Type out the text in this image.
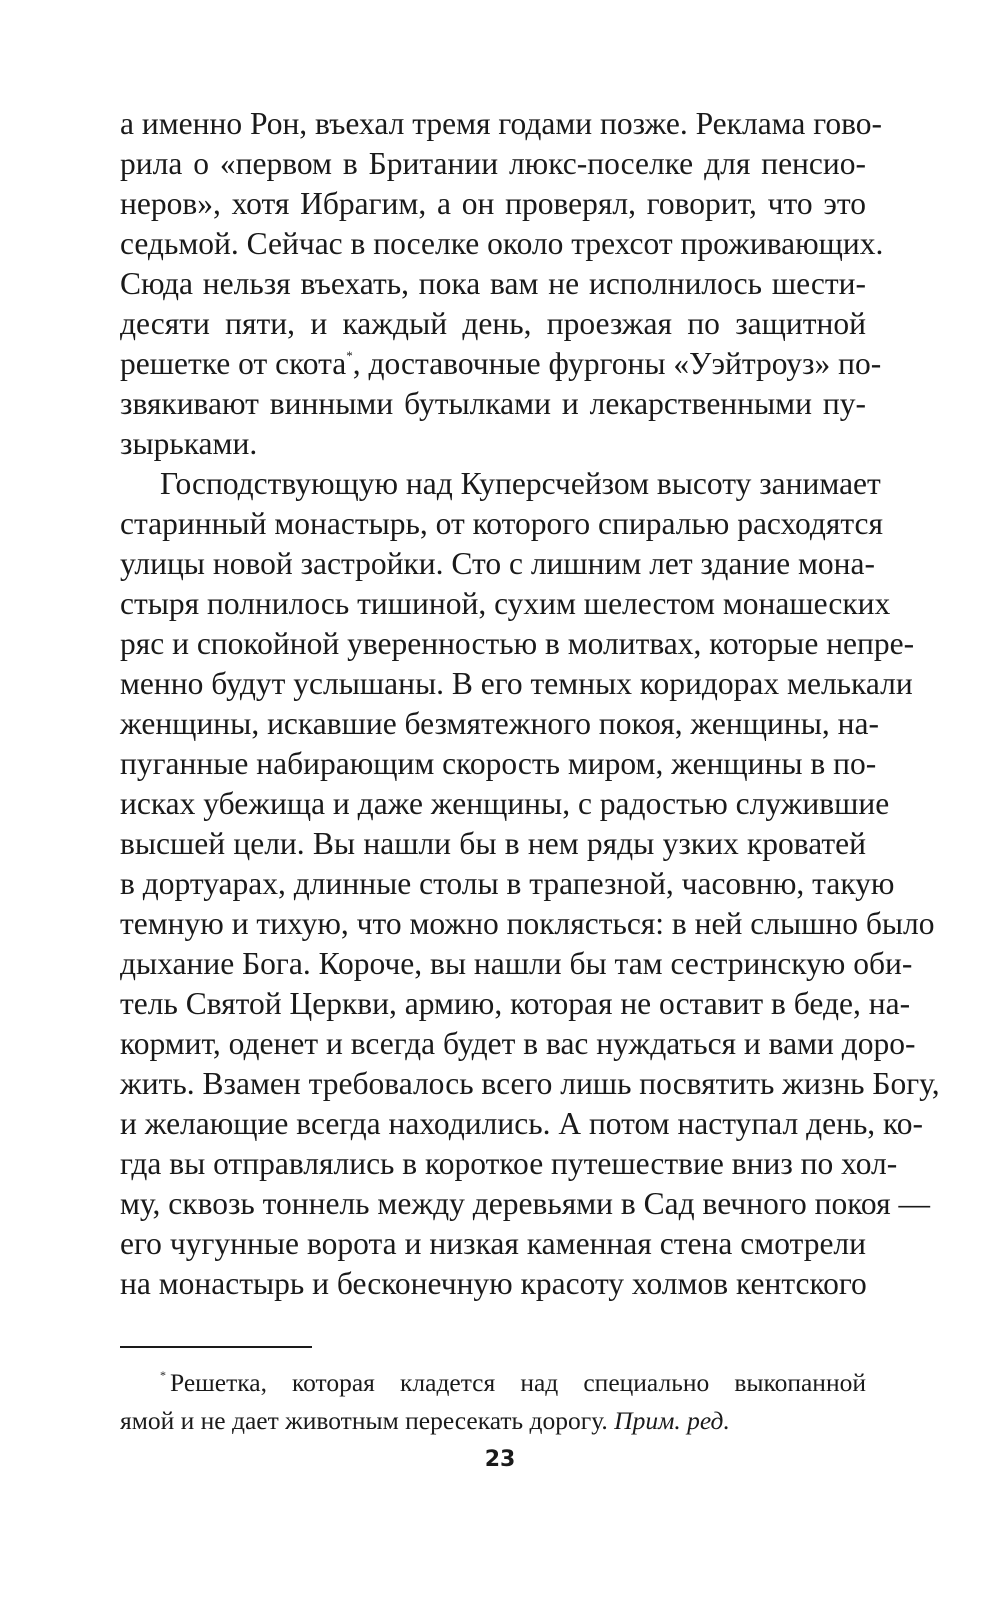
а именно Рон, въехал тремя годами позже. Реклама гово-
рила о «первом в Британии люкс-поселке для пенсио-
неров», хотя Ибрагим, а он проверял, говорит, что это
седьмой. Сейчас в поселке около трехсот проживающих.
Сюда нельзя въехать, пока вам не исполнилось шести-
десяти пяти, и каждый день, проезжая по защитной
решетке от скота*, доставочные фургоны «Уэйтроуз» по-
звякивают винными бутылками и лекарственными пу-
зырьками.
Господствующую над Куперсчейзом высоту занимает
старинный монастырь, от которого спиралью расходятся
улицы новой застройки. Сто с лишним лет здание мона-
стыря полнилось тишиной, сухим шелестом монашеских
ряс и спокойной уверенностью в молитвах, которые непре-
менно будут услышаны. В его темных коридорах мелькали
женщины, искавшие безмятежного покоя, женщины, на-
пуганные набирающим скорость миром, женщины в по-
исках убежища и даже женщины, с радостью служившие
высшей цели. Вы нашли бы в нем ряды узких кроватей
в дортуарах, длинные столы в трапезной, часовню, такую
темную и тихую, что можно поклясться: в ней слышно было
дыхание Бога. Короче, вы нашли бы там сестринскую оби-
тель Святой Церкви, армию, которая не оставит в беде, на-
кормит, оденет и всегда будет в вас нуждаться и вами доро-
жить. Взамен требовалось всего лишь посвятить жизнь Богу,
и желающие всегда находились. А потом наступал день, ко-
гда вы отправлялись в короткое путешествие вниз по хол-
му, сквозь тоннель между деревьями в Сад вечного покоя —
его чугунные ворота и низкая каменная стена смотрели
на монастырь и бесконечную красоту холмов кентского
* Решетка, которая кладется над специально выкопанной
ямой и не дает животным пересекать дорогу. Прим. ред.
23
